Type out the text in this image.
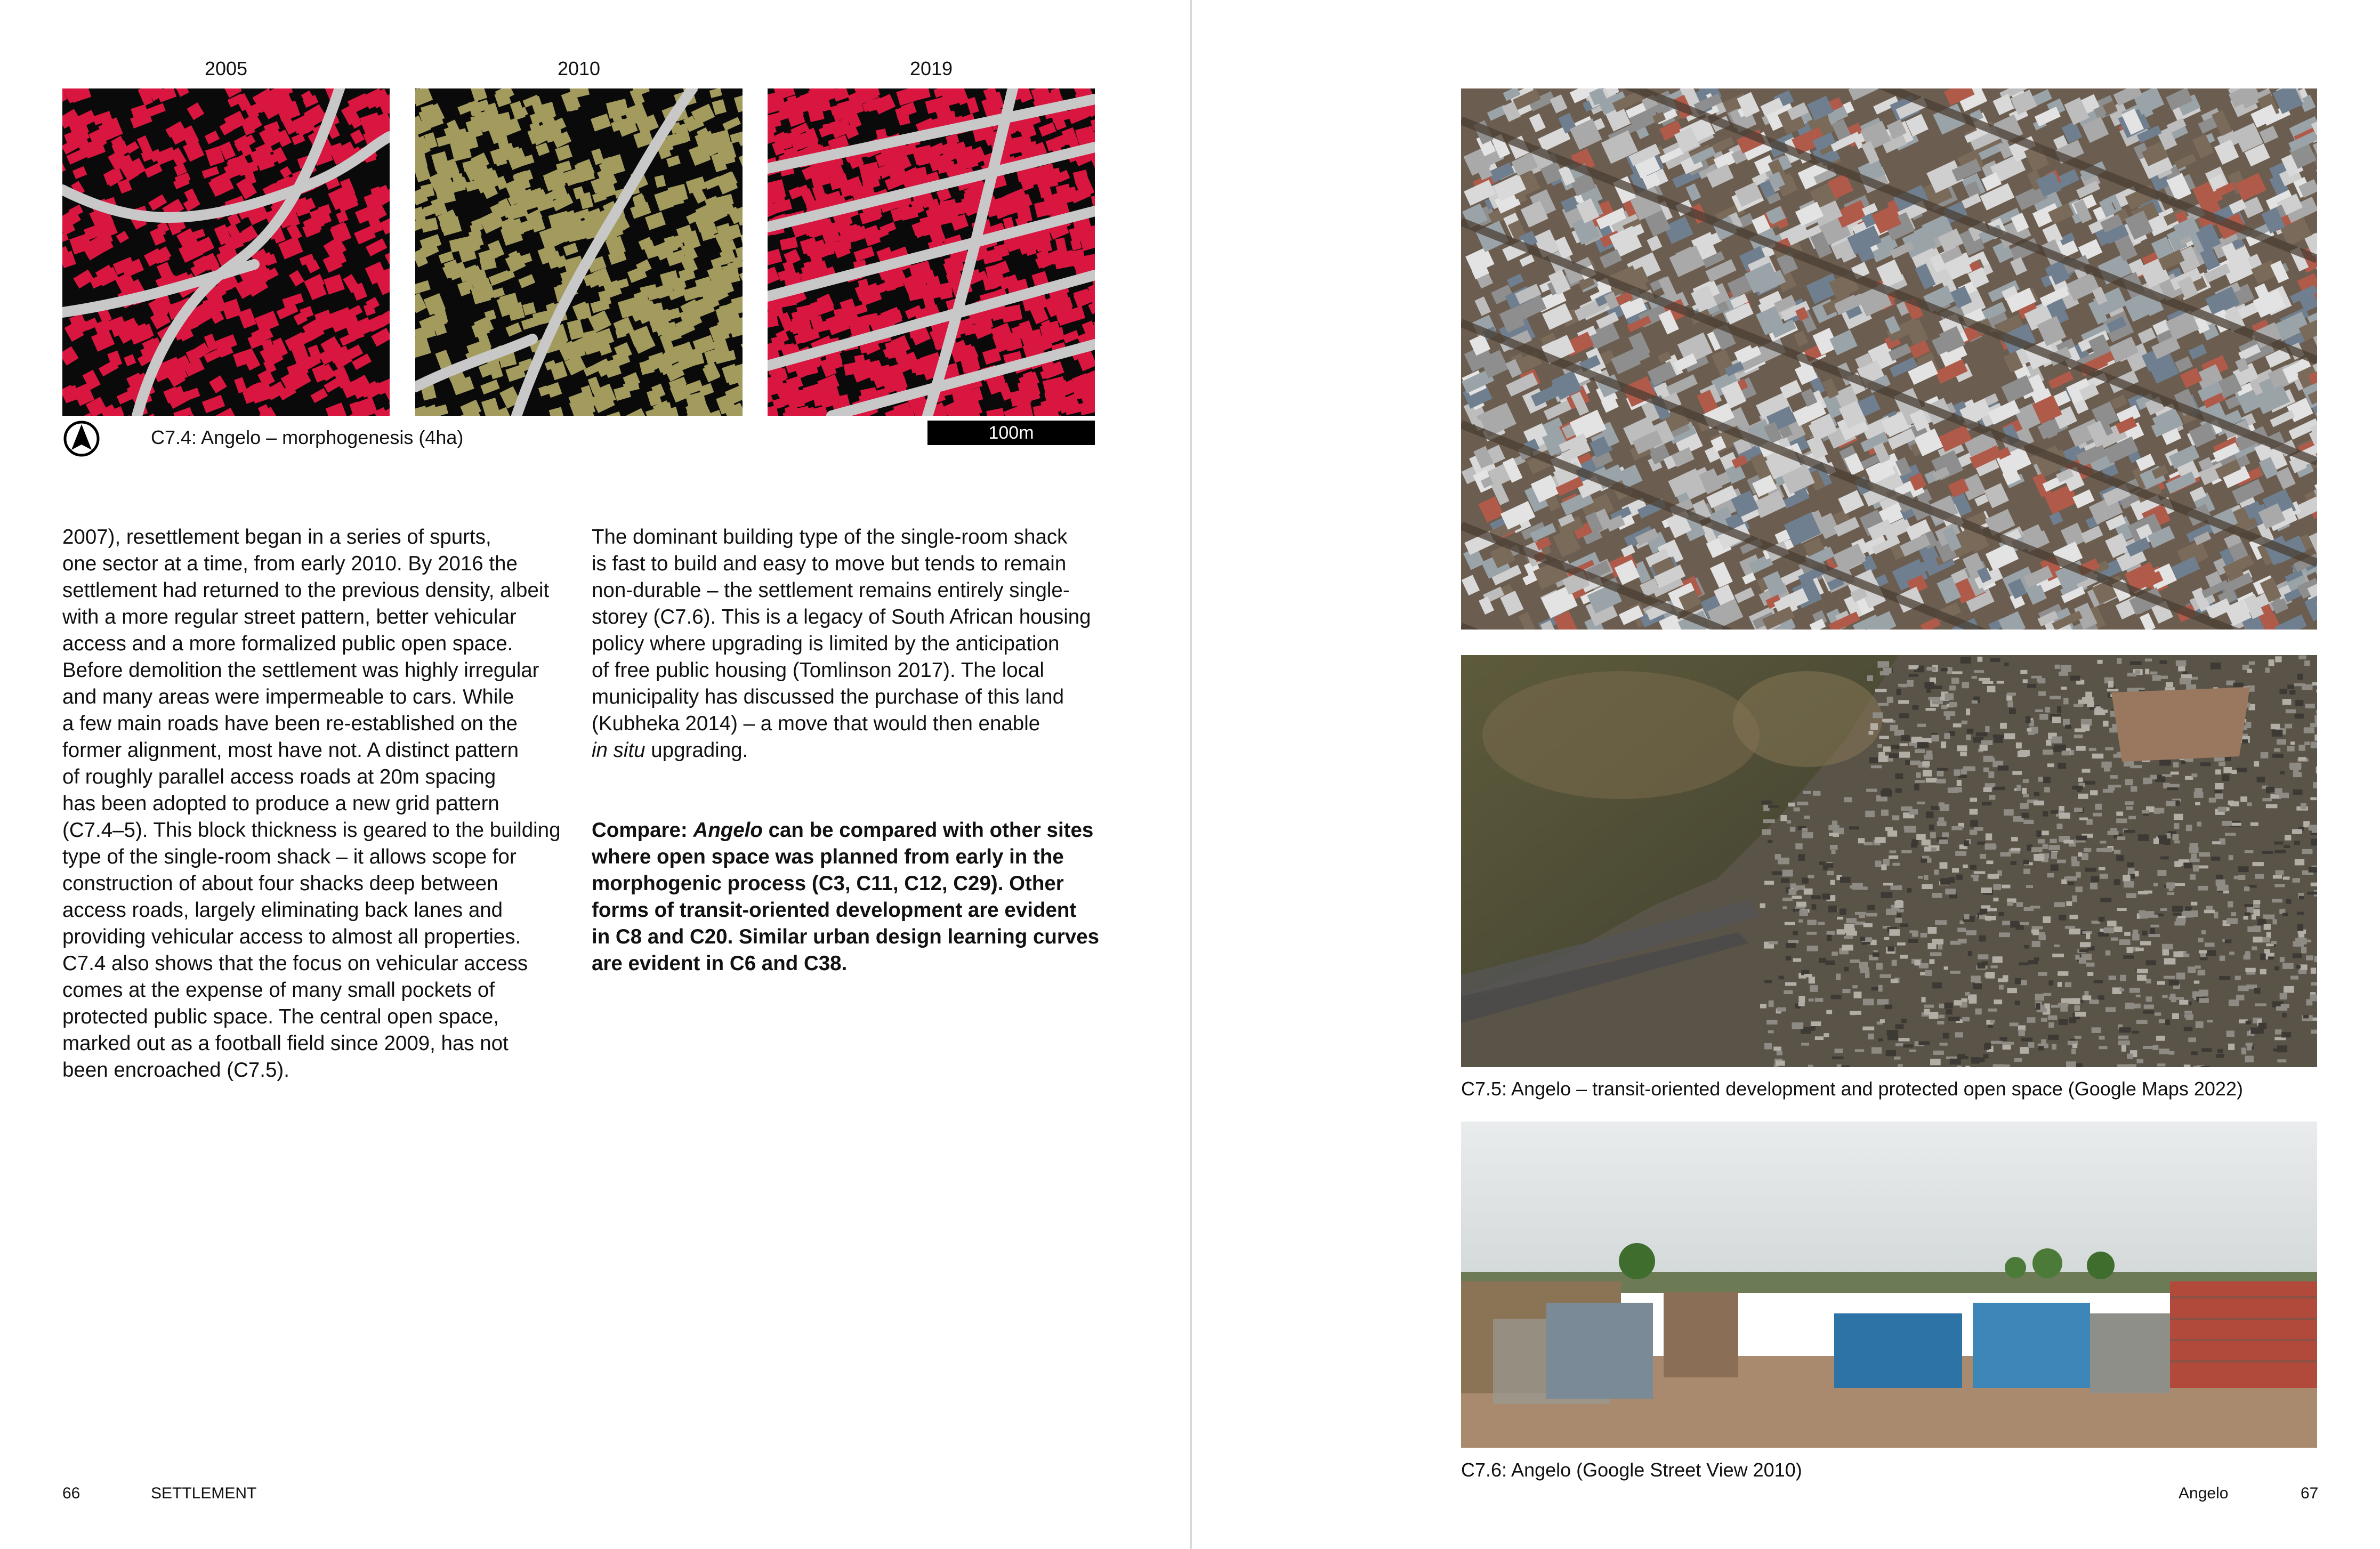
2005	2010	2019
C7.4: Angelo – morphogenesis (4ha)	100m

2007), resettlement began in a series of spurts,

one sector at a time, from early 2010. By 2016 the

settlement had returned to the previous density, albeit

with a more regular street pattern, better vehicular

access and a more formalized public open space.

Before demolition the settlement was highly irregular

and many areas were impermeable to cars. While

a few main roads have been re-established on the

former alignment, most have not. A distinct pattern

of roughly parallel access roads at 20m spacing

has been adopted to produce a new grid pattern

(C7.4–5). This block thickness is geared to the building

type of the single-room shack – it allows scope for

construction of about four shacks deep between

access roads, largely eliminating back lanes and

providing vehicular access to almost all properties.

C7.4 also shows that the focus on vehicular access

comes at the expense of many small pockets of

protected public space. The central open space,

marked out as a football field since 2009, has not

been encroached (C7.5).

The dominant building type of the single-room shack

is fast to build and easy to move but tends to remain

non-durable – the settlement remains entirely single-

storey (C7.6). This is a legacy of South African housing

policy where upgrading is limited by the anticipation

of free public housing (Tomlinson 2017). The local

municipality has discussed the purchase of this land

(Kubheka 2014) – a move that would then enable

in situ upgrading.

Compare: Angelo can be compared with other sites

where open space was planned from early in the

morphogenic process (C3, C11, C12, C29). Other

forms of transit-oriented development are evident

in C8 and C20. Similar urban design learning curves

are evident in C6 and C38.

66	SETTLEMENT
C7.5: Angelo – transit-oriented development and protected open space (Google Maps 2022)
C7.6: Angelo (Google Street View 2010)
Angelo	67
